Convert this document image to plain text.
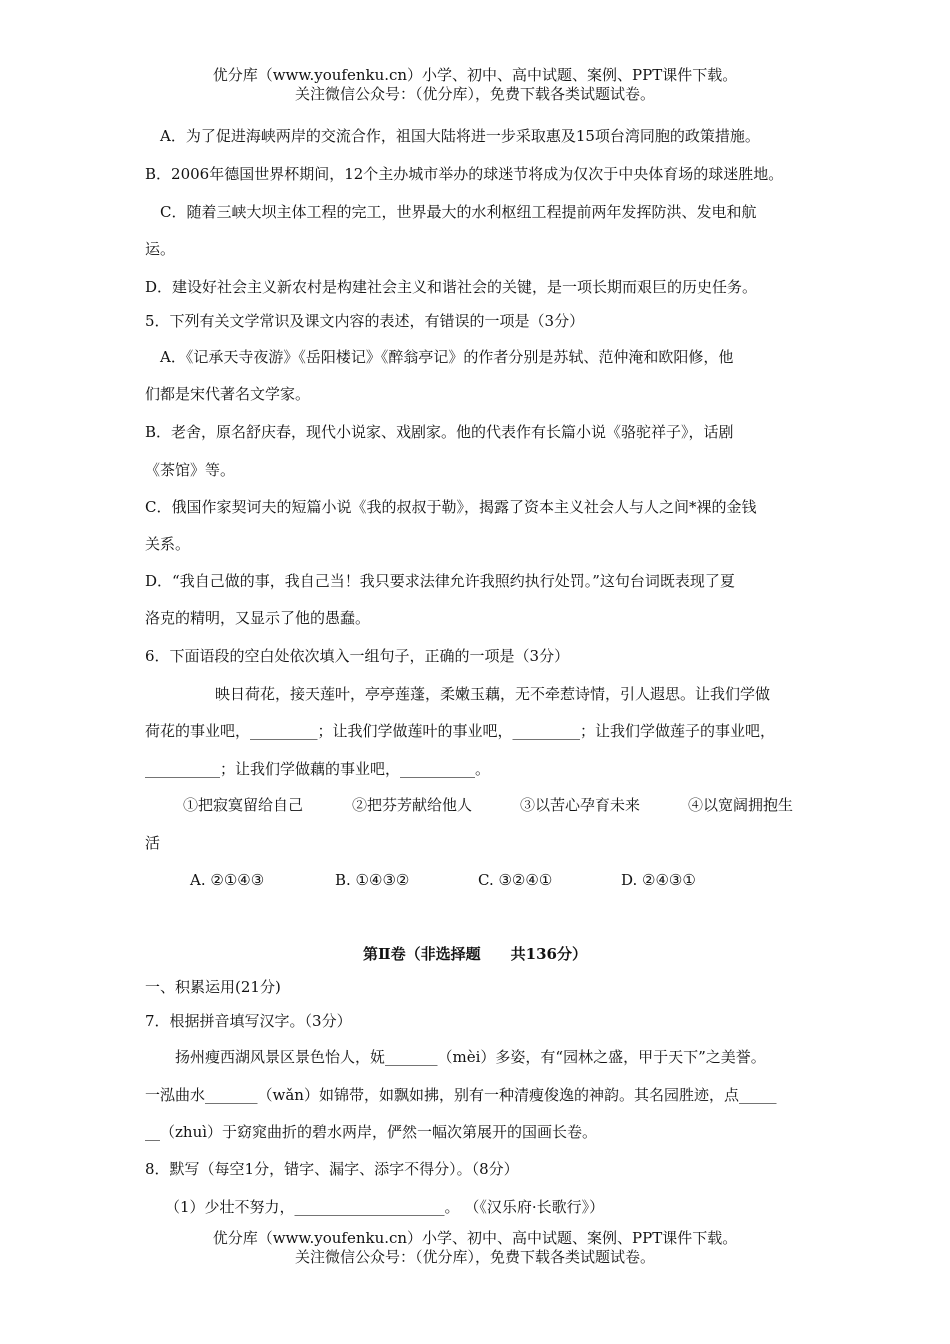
优分库（www.youfenku.cn）小学、初中、高中试题、案例、PPT课件下载。
关注微信公众号：（优分库），免费下载各类试题试卷。
A．为了促进海峡两岸的交流合作，祖国大陆将进一步采取惠及15项台湾同胞的政策措施。
B．2006年德国世界杯期间，12个主办城市举办的球迷节将成为仅次于中央体育场的球迷胜地。
C．随着三峡大坝主体工程的完工，世界最大的水利枢纽工程提前两年发挥防洪、发电和航
运。
D．建设好社会主义新农村是构建社会主义和谐社会的关键，是一项长期而艰巨的历史任务。
5．下列有关文学常识及课文内容的表述，有错误的一项是（3分）
A．《记承天寺夜游》《岳阳楼记》《醉翁亭记》的作者分别是苏轼、范仲淹和欧阳修，他
们都是宋代著名文学家。
B．老舍，原名舒庆春，现代小说家、戏剧家。他的代表作有长篇小说《骆驼祥子》，话剧
《茶馆》等。
C．俄国作家契诃夫的短篇小说《我的叔叔于勒》，揭露了资本主义社会人与人之间*裸的金钱
关系。
D．“我自己做的事，我自己当！我只要求法律允许我照约执行处罚。”这句台词既表现了夏
洛克的精明，又显示了他的愚蠢。
6．下面语段的空白处依次填入一组句子，正确的一项是（3分）
映日荷花，接天莲叶，亭亭莲蓬，柔嫩玉藕，无不牵惹诗情，引人遐思。让我们学做
荷花的事业吧，_________；让我们学做莲叶的事业吧，_________；让我们学做莲子的事业吧，
__________；让我们学做藕的事业吧，__________。
①把寂寞留给自己	②把芬芳献给他人	③以苦心孕育未来	④以宽阔拥抱生
活
A. ②①④③	B. ①④③②	C. ③②④①	D. ②④③①
第Ⅱ卷（非选择题　　共136分）
一、积累运用(21分)
7．根据拼音填写汉字。（3分）
扬州瘦西湖风景区景色怡人，妩_______（mèi）多姿，有“园林之盛，甲于天下”之美誉。
一泓曲水_______（wǎn）如锦带，如飘如拂，别有一种清瘦俊逸的神韵。其名园胜迹，点_____
__（zhuì）于窈窕曲折的碧水两岸，俨然一幅次第展开的国画长卷。
8．默写（每空1分，错字、漏字、添字不得分）。（8分）
（1）少壮不努力，____________________。 （《汉乐府·长歌行》）
优分库（www.youfenku.cn）小学、初中、高中试题、案例、PPT课件下载。
关注微信公众号：（优分库），免费下载各类试题试卷。
